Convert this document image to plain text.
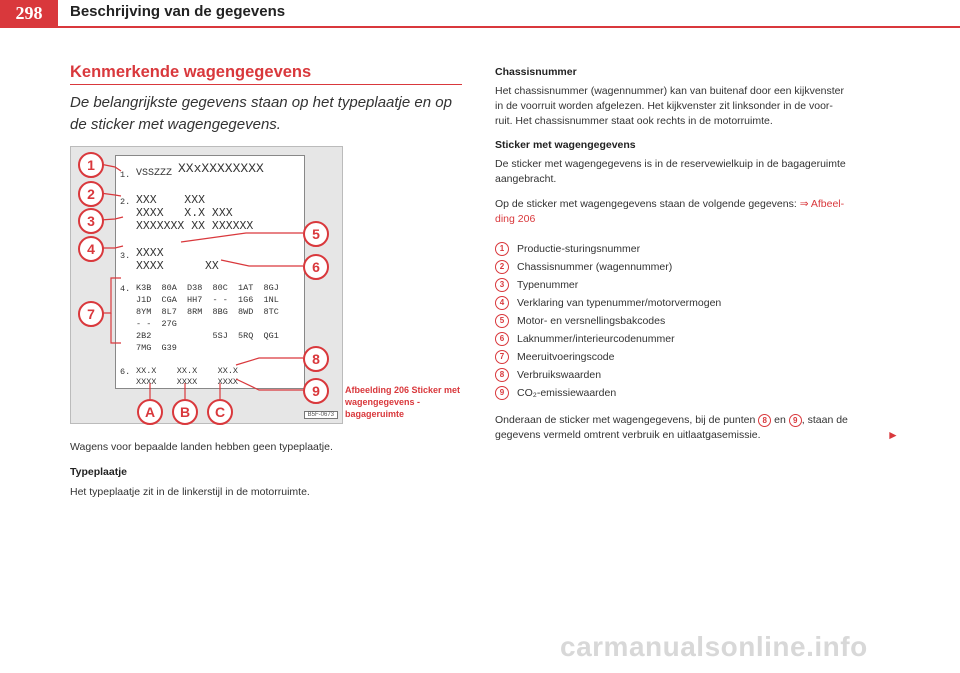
298	Beschrijving van de gegevens
Kenmerkende wagengegevens
De belangrijkste gegevens staan op het typeplaatje en op de sticker met wagengegevens.
1. VSSZZZ XXxXXXXXXXX
2. XXX    XXX
XXXX   X.X XXX
XXXXXXX XX XXXXXX
3. XXXX
XXXX      XX
4. K3B  80A  D38  80C  1AT  8GJ
J1D  CGA  HH7  - -  1G6  1NL
8YM  8L7  8RM  8BG  8WD  8TC
- -  27G
2B2            5SJ  5RQ  QG1
7MG  G39
6. XX.X    XX.X    XX.X
XXXX    XXXX    XXXX
1
2
3
4
5
6
7
8
9
A	B	C	B5F-0673
Afbeelding 206 Sticker met wagengegevens - bagageruimte
Wagens voor bepaalde landen hebben geen typeplaatje.
Typeplaatje
Het typeplaatje zit in de linkerstijl in de motorruimte.
Chassisnummer
Het chassisnummer (wagennummer) kan van buitenaf door een kijkvenster
in de voorruit worden afgelezen. Het kijkvenster zit linksonder in de voor-
ruit. Het chassisnummer staat ook rechts in de motorruimte.
Sticker met wagengegevens
De sticker met wagengegevens is in de reservewielkuip in de bagageruimte
aangebracht.
Op de sticker met wagengegevens staan de volgende gegevens: ⇒ Afbeel-
ding 206
1	Productie-sturingsnummer
2	Chassisnummer (wagennummer)
3	Typenummer
4	Verklaring van typenummer/motorvermogen
5	Motor- en versnellingsbakcodes
6	Laknummer/interieurcodenummer
7	Meeruitvoeringscode
8	Verbruikswaarden
9	CO₂-emissiewaarden
Onderaan de sticker met wagengegevens, bij de punten 8 en 9 , staan de
gegevens vermeld omtrent verbruik en uitlaatgasemissie.	►
carmanualsonline.info
